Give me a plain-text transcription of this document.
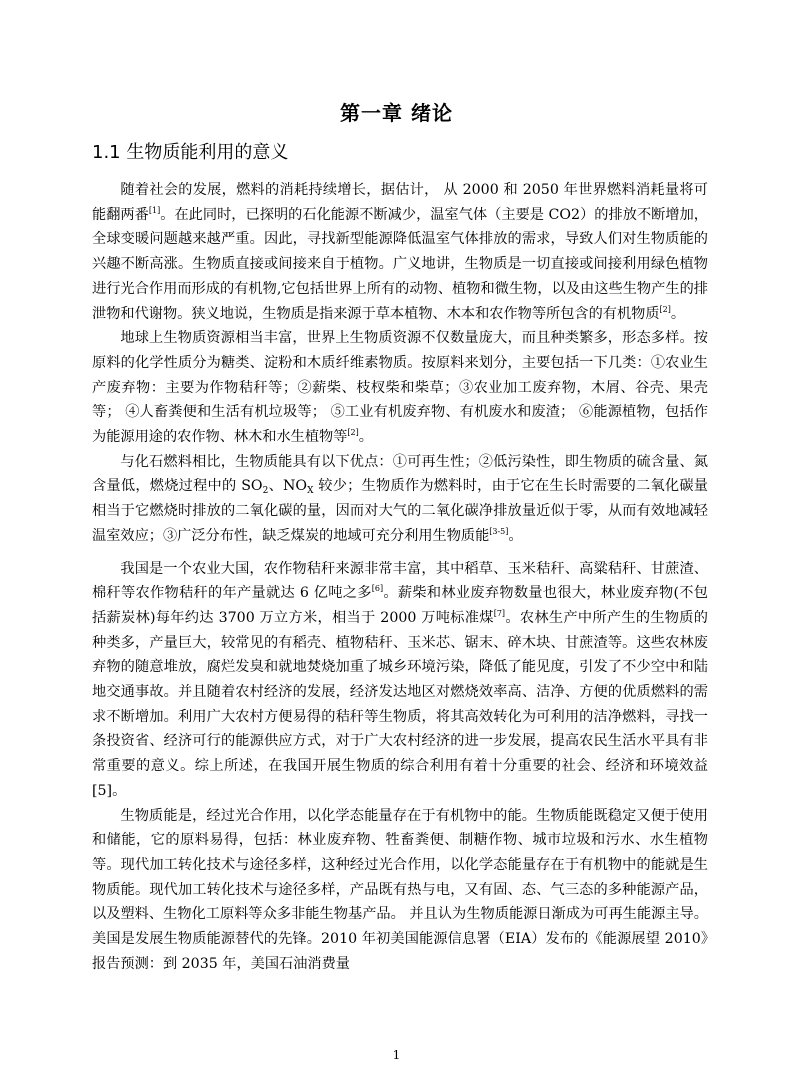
第一章 绪论
1.1 生物质能利用的意义

随着社会的发展，燃料的消耗持续增长，据估计， 从 2000 和 2050 年世界燃料消耗量将可能翻两番[1]。在此同时，已探明的石化能源不断减少，温室气体（主要是 CO2）的排放不断增加，全球变暖问题越来越严重。因此，寻找新型能源降低温室气体排放的需求，导致人们对生物质能的兴趣不断高涨。生物质直接或间接来自于植物。广义地讲，生物质是一切直接或间接利用绿色植物进行光合作用而形成的有机物,它包括世界上所有的动物、植物和微生物，以及由这些生物产生的排泄物和代谢物。狭义地说，生物质是指来源于草本植物、木本和农作物等所包含的有机物质[2]。

地球上生物质资源相当丰富，世界上生物质资源不仅数量庞大，而且种类繁多，形态多样。按原料的化学性质分为糖类、淀粉和木质纤维素物质。按原料来划分，主要包括一下几类：①农业生产废弃物：主要为作物秸秆等；②薪柴、枝杈柴和柴草；③农业加工废弃物，木屑、谷壳、果壳等； ④人畜粪便和生活有机垃圾等； ⑤工业有机废弃物、有机废水和废渣； ⑥能源植物，包括作为能源用途的农作物、林木和水生植物等[2]。

与化石燃料相比，生物质能具有以下优点：①可再生性；②低污染性，即生物质的硫含量、氮含量低，燃烧过程中的 $SO_2$、$NO_X$ 较少；生物质作为燃料时，由于它在生长时需要的二氧化碳量相当于它燃烧时排放的二氧化碳的量，因而对大气的二氧化碳净排放量近似于零，从而有效地减轻温室效应；③广泛分布性，缺乏煤炭的地域可充分利用生物质能[3-5]。

我国是一个农业大国，农作物秸秆来源非常丰富，其中稻草、玉米秸秆、高粱秸秆、甘蔗渣、棉秆等农作物秸秆的年产量就达 6 亿吨之多[6]。薪柴和林业废弃物数量也很大，林业废弃物(不包括薪炭林)每年约达 3700 万立方米，相当于 2000 万吨标准煤[7]。农林生产中所产生的生物质的种类多，产量巨大，较常见的有稻壳、植物秸秆、玉米芯、锯末、碎木块、甘蔗渣等。这些农林废弃物的随意堆放，腐烂发臭和就地焚烧加重了城乡环境污染，降低了能见度，引发了不少空中和陆地交通事故。并且随着农村经济的发展，经济发达地区对燃烧效率高、洁净、方便的优质燃料的需求不断增加。利用广大农村方便易得的秸秆等生物质，将其高效转化为可利用的洁净燃料，寻找一条投资省、经济可行的能源供应方式，对于广大农村经济的进一步发展，提高农民生活水平具有非常重要的意义。综上所述，在我国开展生物质的综合利用有着十分重要的社会、经济和环境效益[5]。

生物质能是，经过光合作用，以化学态能量存在于有机物中的能。生物质能既稳定又便于使用和储能，它的原料易得，包括：林业废弃物、牲畜粪便、制糖作物、城市垃圾和污水、水生植物等。现代加工转化技术与途径多样，这种经过光合作用，以化学态能量存在于有机物中的能就是生物质能。现代加工转化技术与途径多样，产品既有热与电，又有固、态、气三态的多种能源产品，以及塑料、生物化工原料等众多非能生物基产品。 并且认为生物质能源日渐成为可再生能源主导。美国是发展生物质能源替代的先锋。2010 年初美国能源信息署（EIA）发布的《能源展望 2010》报告预测：到 2035 年，美国石油消费量

1
